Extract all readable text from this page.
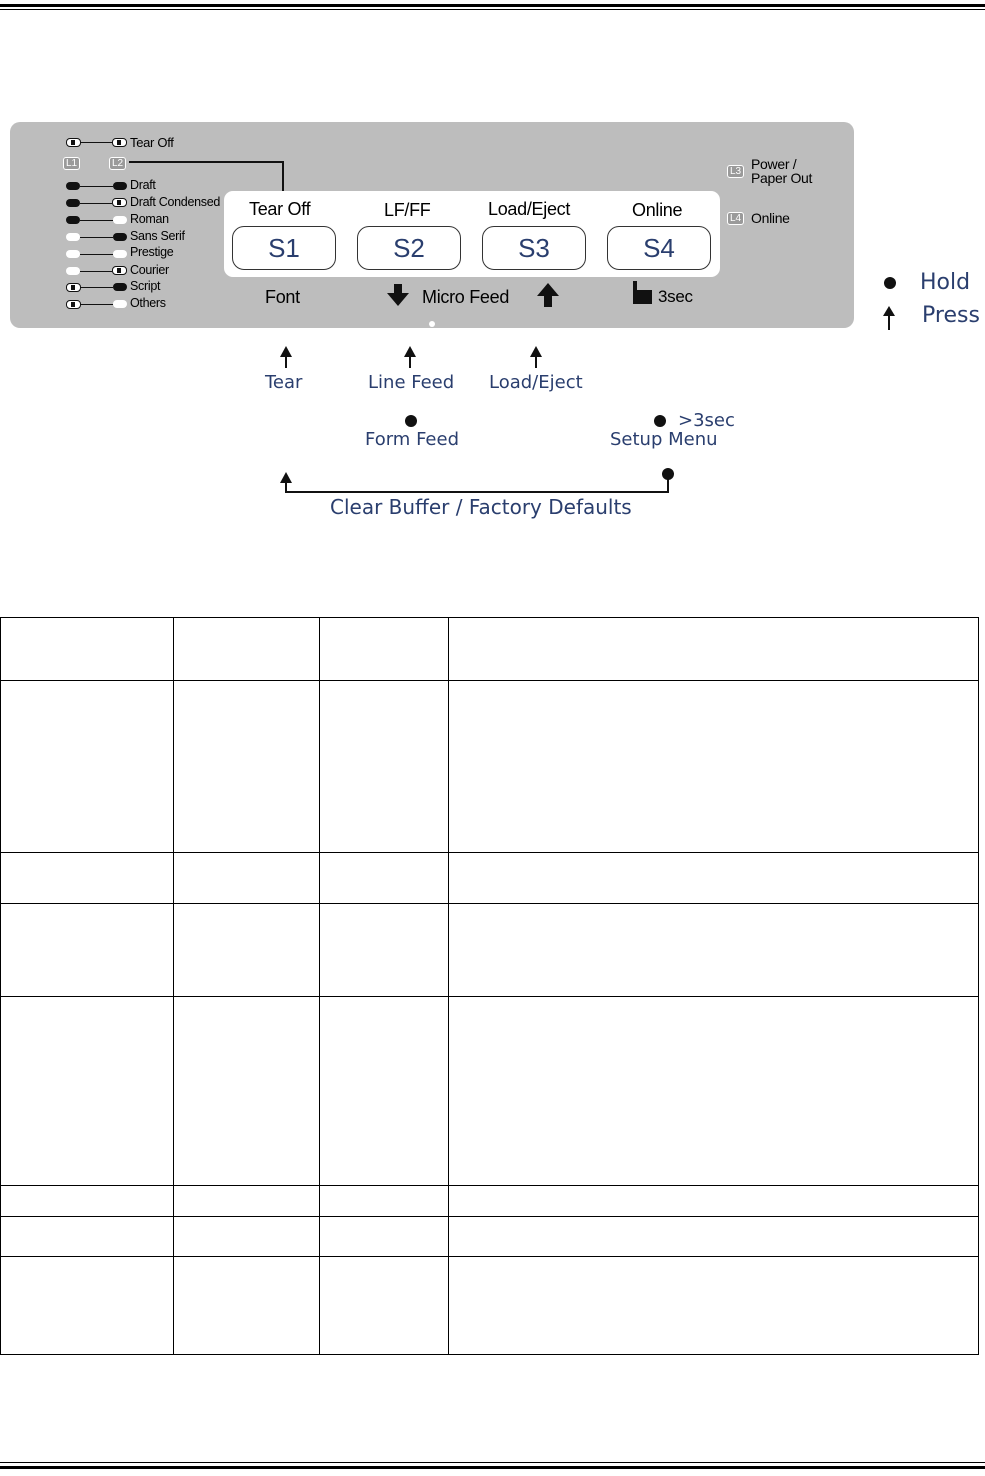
Tear Off
L1	L2
Draft
Draft Condensed
Roman
Sans Serif
Prestige
Courier
Script
Others
L3 Power /
Paper Out
L4 Online
Tear Off	LF/FF	Load/Eject	Online
S1	S2	S3	S4
Font	Micro Feed	3sec
Hold
Press
Tear	Line Feed Load/Eject
Form Feed
>3sec
Setup Menu
Clear Buffer / Factory Defaults
